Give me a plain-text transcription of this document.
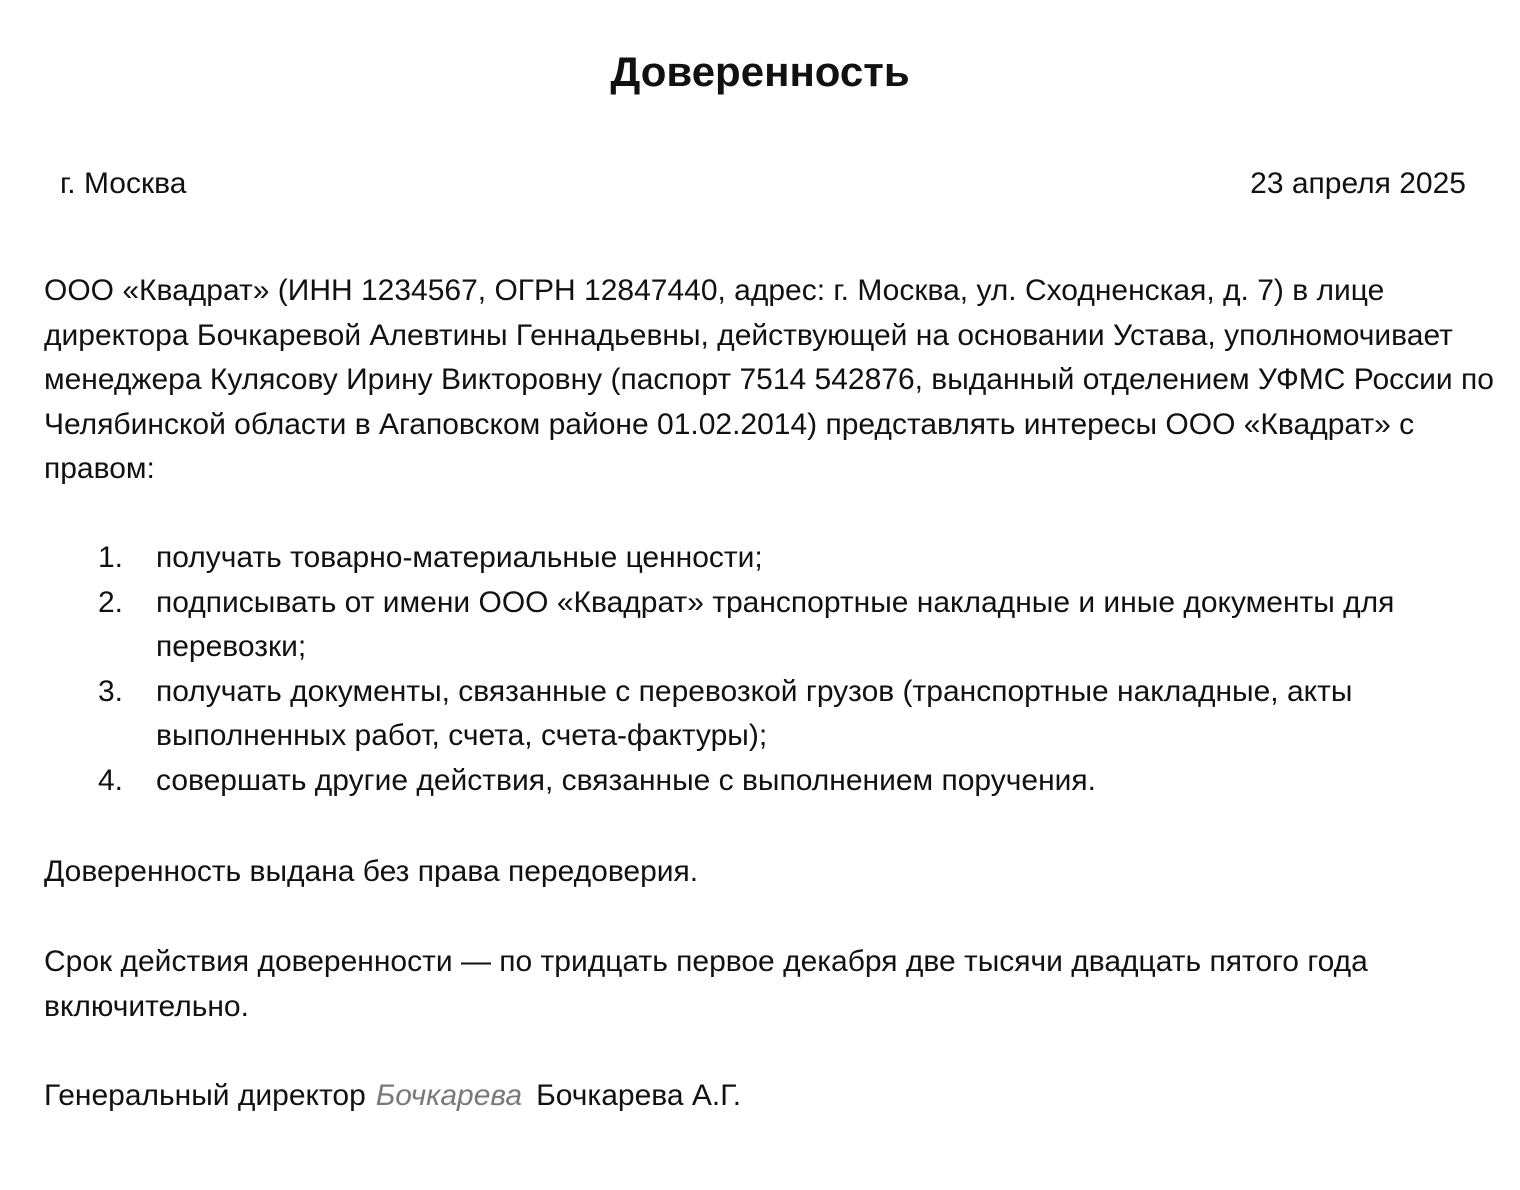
Доверенность
г. Москва	23 апреля 2025

ООО «Квадрат» (ИНН 1234567, ОГРН 12847440, адрес: г. Москва, ул. Сходненская, д. 7) в лице директора Бочкаревой Алевтины Геннадьевны, действующей на основании Устава, уполномочивает менеджера Кулясову Ирину Викторовну (паспорт 7514 542876, выданный отделением УФМС России по Челябинской области в Агаповском районе 01.02.2014) представлять интересы ООО «Квадрат» с правом:

1. получать товарно-материальные ценности;
2. подписывать от имени ООО «Квадрат» транспортные накладные и иные документы для перевозки;
3. получать документы, связанные с перевозкой грузов (транспортные накладные, акты выполненных работ, счета, счета-фактуры);
4. совершать другие действия, связанные с выполнением поручения.

Доверенность выдана без права передоверия.

Срок действия доверенности — по тридцать первое декабря две тысячи двадцать пятого года включительно.

Генеральный директор Бочкарева Бочкарева А.Г.
